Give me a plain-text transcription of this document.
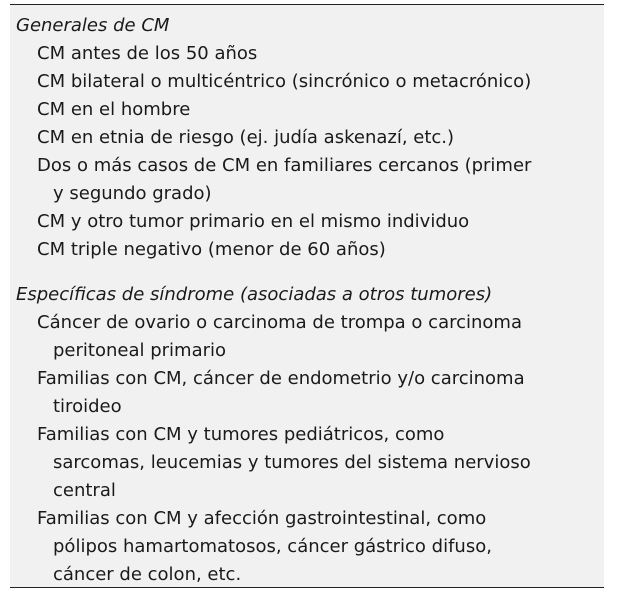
Generales de CM
CM antes de los 50 años
CM bilateral o multicéntrico (sincrónico o metacrónico)
CM en el hombre
CM en etnia de riesgo (ej. judía askenazí, etc.)
Dos o más casos de CM en familiares cercanos (primer
y segundo grado)
CM y otro tumor primario en el mismo individuo
CM triple negativo (menor de 60 años)
Específicas de síndrome (asociadas a otros tumores)
Cáncer de ovario o carcinoma de trompa o carcinoma
peritoneal primario
Familias con CM, cáncer de endometrio y/o carcinoma
tiroideo
Familias con CM y tumores pediátricos, como
sarcomas, leucemias y tumores del sistema nervioso
central
Familias con CM y afección gastrointestinal, como
pólipos hamartomatosos, cáncer gástrico difuso,
cáncer de colon, etc.
